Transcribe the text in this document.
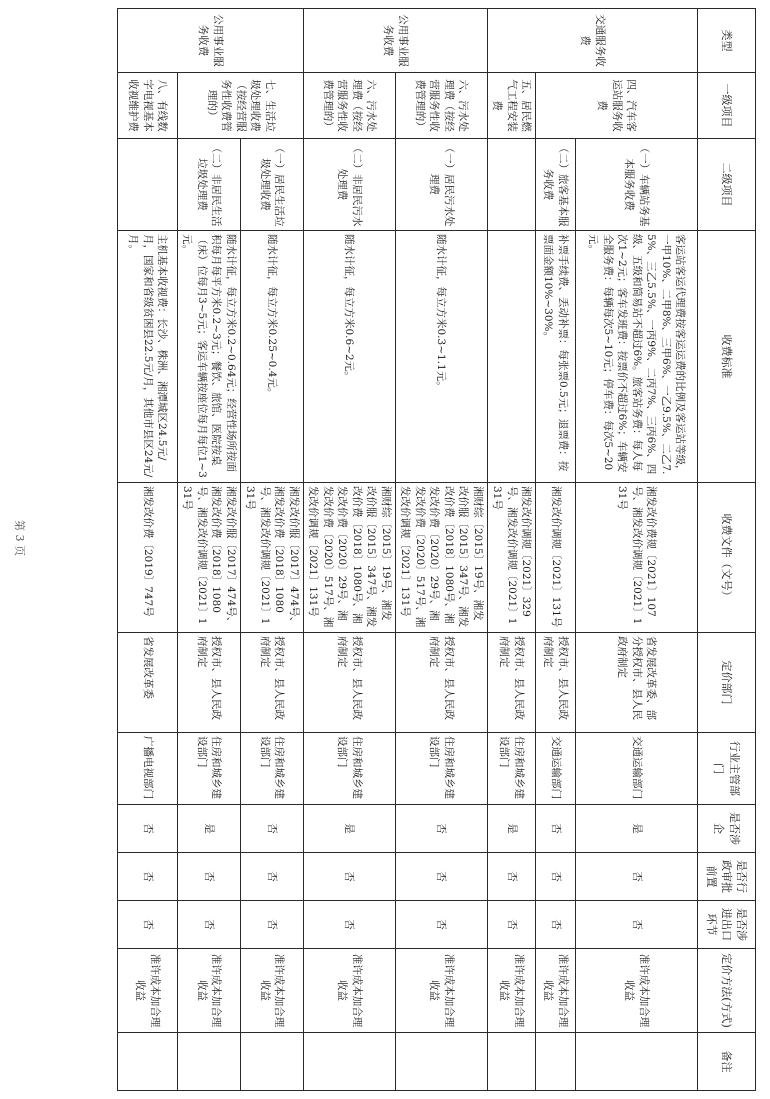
类型	一级项目	二级项目	收费标准	收费文件（文号）	定价部门	行业主管部门	是否涉企	是否行政审批前置	是否涉进出口环节	定价方法(方式)	备注
交通服务收费	四、汽车客运站服务收费	（一）车辆站务基本服务收费	客运站客运代理费按客运运费的比例及客运站等级，一甲10%、二甲8%、三甲6%、一乙9.5%、二乙7.5%、三乙5.5%、一丙9%、二丙7%、三丙6%、四级、五级和简易站不超过6%。旅客站务费：每人每次1~2元；客车发班费：按票价不超过6%；车辆安全服务费：每辆每次5~10元；停车费：每次5~20元。	湘发改价费规〔2021〕107号、湘发改价调规〔2021〕131号	省发展改革委、部分授权市、县人民政府制定	交通运输部门	是	否	否	准许成本加合理收益	
		（二）旅客基本服务收费	补票手续费、丢动补票：每张票0.5元；退票费：按票面金额10%~30%。	湘发改价调规〔2021〕131号	授权市、县人民政府制定	交通运输部门	否	否	否	准许成本加合理收益	
	五、居民燃气工程安装费			湘发改价调规〔2021〕329号、湘发改价调规〔2021〕131号	授权市、县人民政府制定	住房和城乡建设部门	是	否	否	准许成本加合理收益	
公用事业服务收费	六、污水处理费（按经营服务性收费管理的）	（一）居民污水处理费	随水计征，每立方米0.3~1.1元。	湘财综〔2015〕19号、湘发改价服〔2015〕347号、湘发改价费〔2018〕1080号、湘发改价费〔2020〕29号、湘发改价费〔2020〕517号、湘发改价调规〔2021〕131号	授权市、县人民政府制定	住房和城乡建设部门	否	否	否	准许成本加合理收益	
	六、污水处理费（按经营服务性收费管理的）	（二）非居民污水处理费	随水计征，每立方米0.6~2元。	湘财综〔2015〕19号、湘发改价服〔2015〕347号、湘发改价费〔2018〕1080号、湘发改价费〔2020〕29号、湘发改价费〔2020〕517号、湘发改价调规〔2021〕131号	授权市、县人民政府制定	住房和城乡建设部门	是	否	否	准许成本加合理收益	
公用事业服务收费	七、生活垃圾处理收费（按经营服务性收费管理的）	（一）居民生活垃圾处理收费	随水计征，每立方米0.25~0.4元。	湘发改价服〔2017〕474号、湘发改价费〔2018〕1080号、湘发改价调规〔2021〕131号	授权市、县人民政府制定	住房和城乡建设部门	否	否	否	准许成本加合理收益	
		（二）非居民生活垃圾处理费	随水计征，每立方米0.2~0.64元；经营性场所按面积每月每平方米0.2~3元；餐饮、旅馆、医院按桌（床）位每月3~5元；客运车辆按座位每月每位1~3元。	湘发改价服〔2017〕474号、湘发改价费〔2018〕1080号、湘发改价调规〔2021〕131号	授权市、县人民政府制定	住房和城乡建设部门	是	否	否	准许成本加合理收益	
	八、有线数字电视基本收视维护费		主机基本收视费：长沙、株洲、湘潭城区24.5元/月，国家和省级贫困县22.5元/月，其他市县区24元/月。	湘发改价费〔2019〕747号	省发展改革委	广播电视部门	否	否	否	准许成本加合理收益	
第 3 页
